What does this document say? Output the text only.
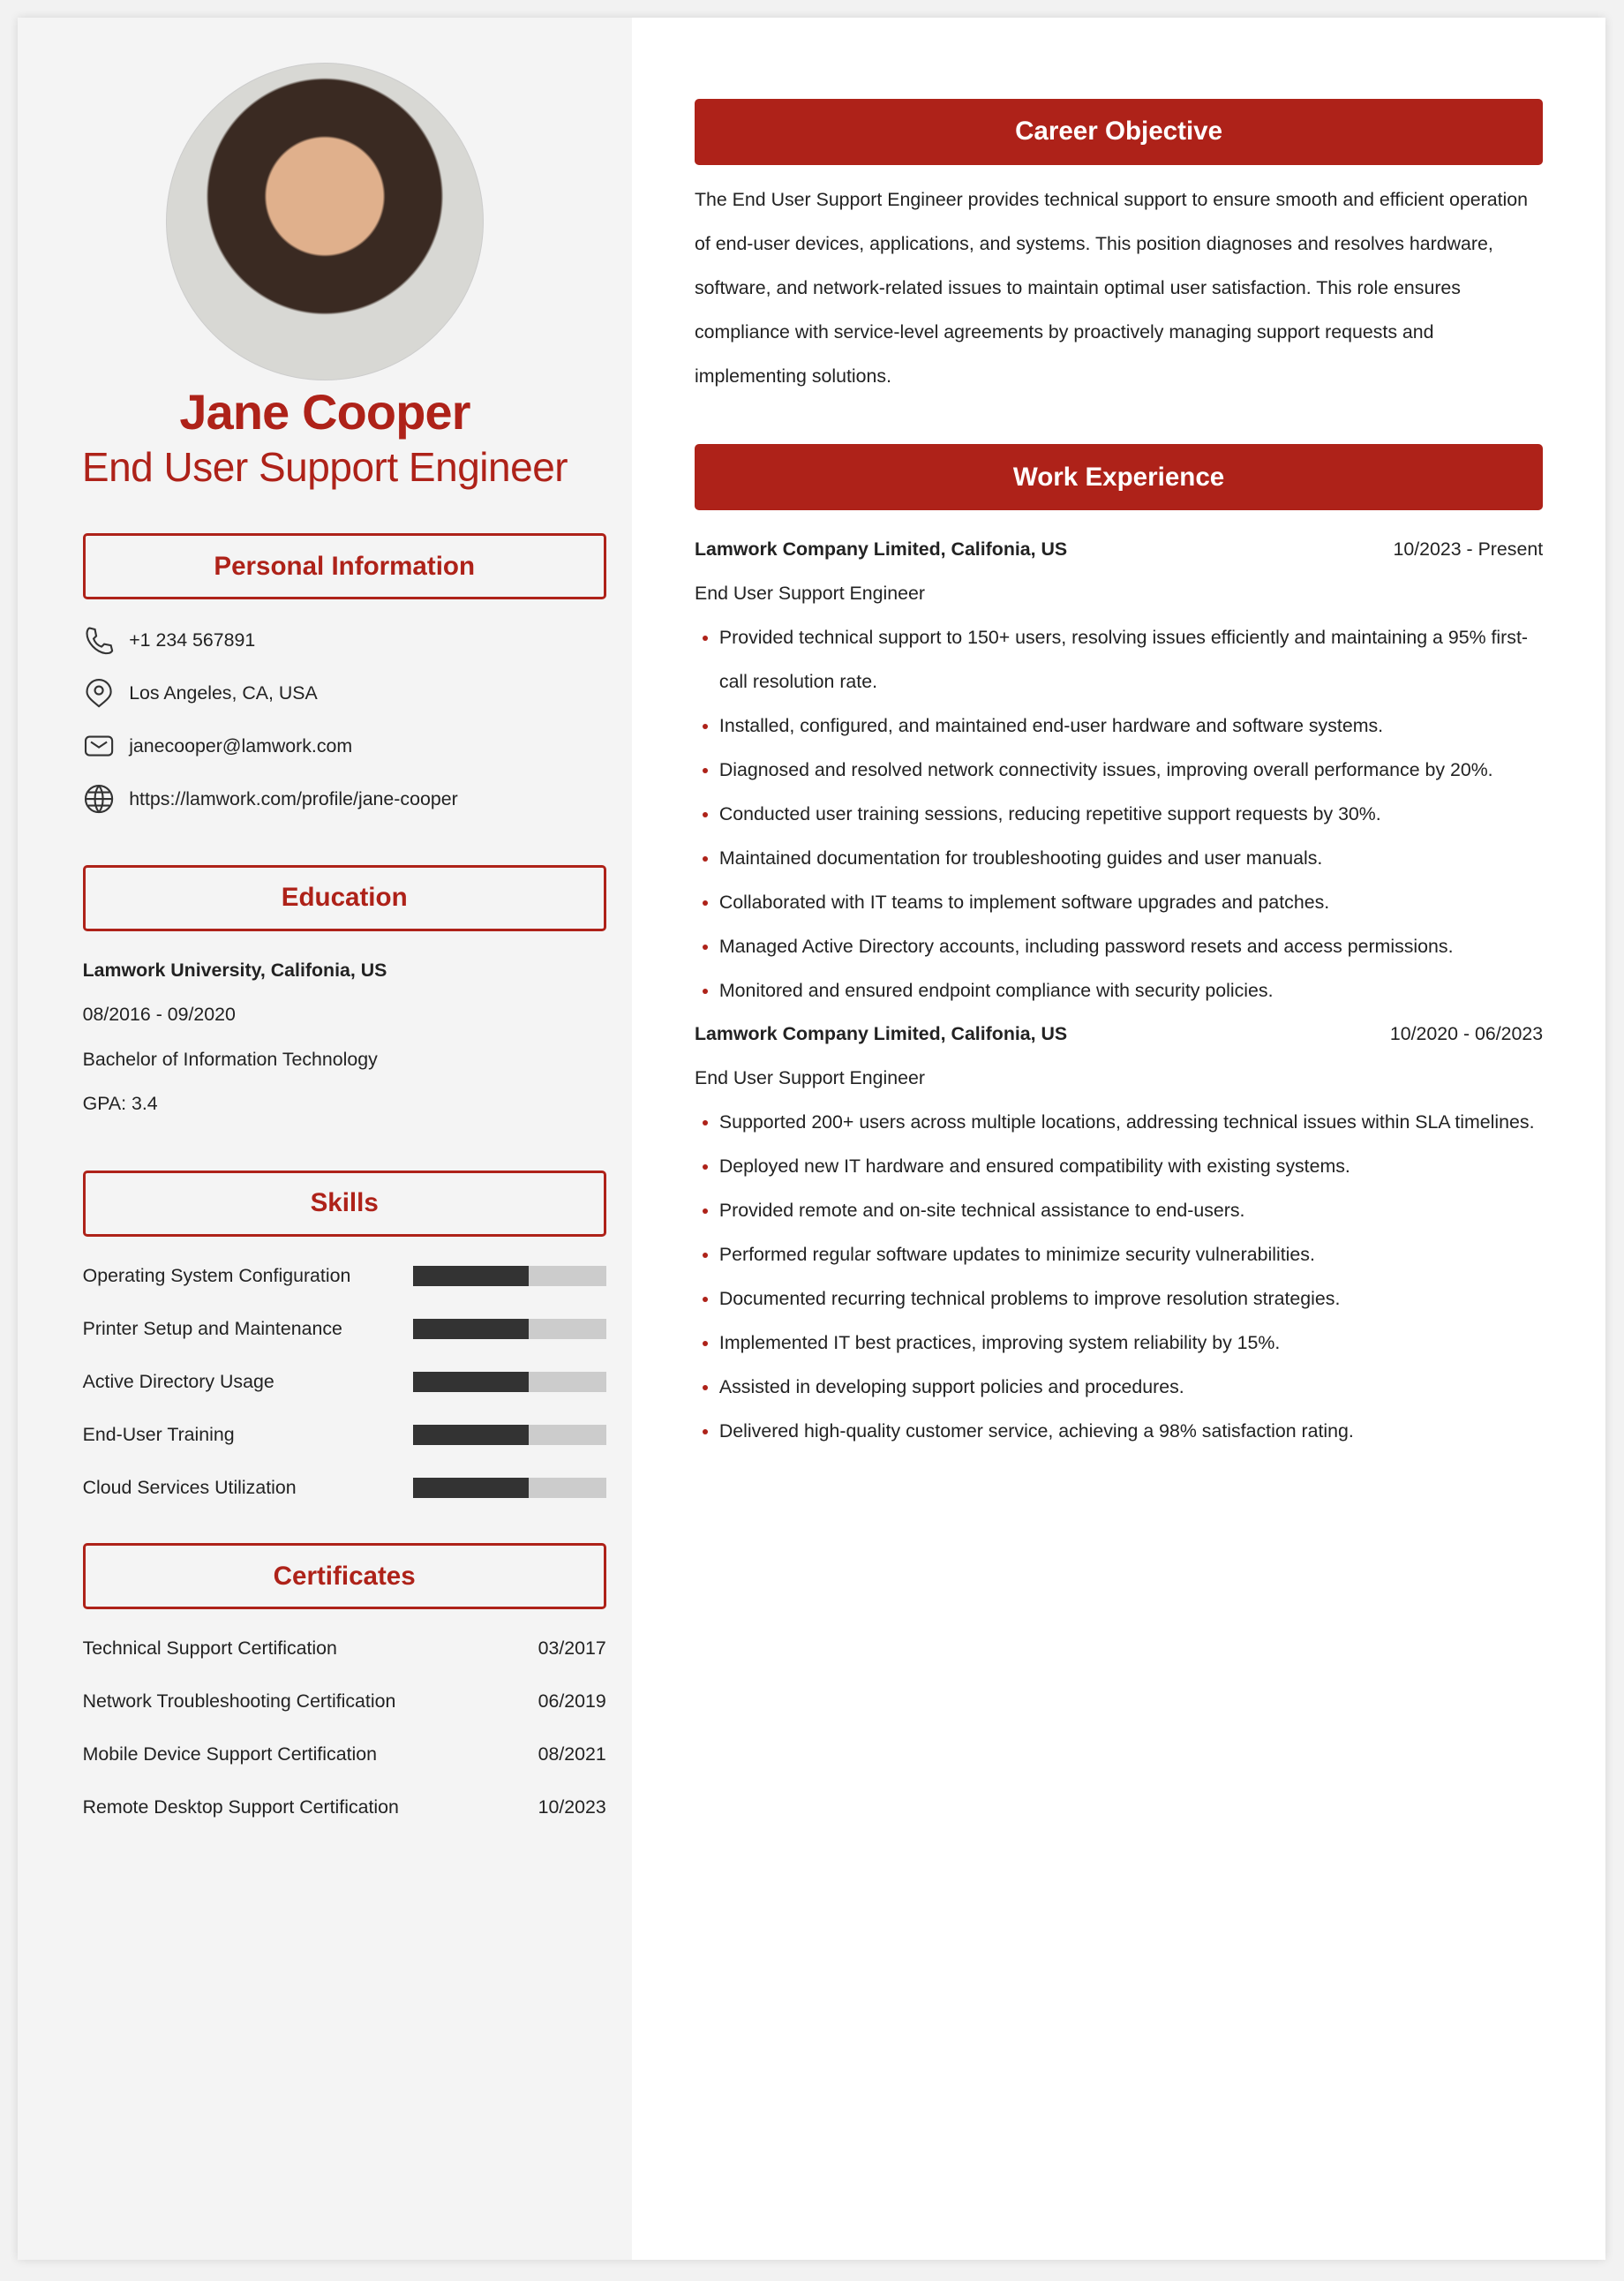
Jane Cooper
End User Support Engineer
Personal Information
+1 234 567891
Los Angeles, CA, USA
janecooper@lamwork.com
https://lamwork.com/profile/jane-cooper
Education
Lamwork University, Califonia, US
08/2016 - 09/2020
Bachelor of Information Technology
GPA: 3.4
Skills
Operating System Configuration
Printer Setup and Maintenance
Active Directory Usage
End-User Training
Cloud Services Utilization
Certificates
Technical Support Certification	03/2017
Network Troubleshooting Certification	06/2019
Mobile Device Support Certification	08/2021
Remote Desktop Support Certification	10/2023
Career Objective
The End User Support Engineer provides technical support to ensure smooth and efficient operation of end-user devices, applications, and systems. This position diagnoses and resolves hardware, software, and network-related issues to maintain optimal user satisfaction. This role ensures compliance with service-level agreements by proactively managing support requests and implementing solutions.
Work Experience
Lamwork Company Limited, Califonia, US	10/2023 - Present
End User Support Engineer
• Provided technical support to 150+ users, resolving issues efficiently and maintaining a 95% first-call resolution rate.
• Installed, configured, and maintained end-user hardware and software systems.
• Diagnosed and resolved network connectivity issues, improving overall performance by 20%.
• Conducted user training sessions, reducing repetitive support requests by 30%.
• Maintained documentation for troubleshooting guides and user manuals.
• Collaborated with IT teams to implement software upgrades and patches.
• Managed Active Directory accounts, including password resets and access permissions.
• Monitored and ensured endpoint compliance with security policies.
Lamwork Company Limited, Califonia, US	10/2020 - 06/2023
End User Support Engineer
• Supported 200+ users across multiple locations, addressing technical issues within SLA timelines.
• Deployed new IT hardware and ensured compatibility with existing systems.
• Provided remote and on-site technical assistance to end-users.
• Performed regular software updates to minimize security vulnerabilities.
• Documented recurring technical problems to improve resolution strategies.
• Implemented IT best practices, improving system reliability by 15%.
• Assisted in developing support policies and procedures.
• Delivered high-quality customer service, achieving a 98% satisfaction rating.
